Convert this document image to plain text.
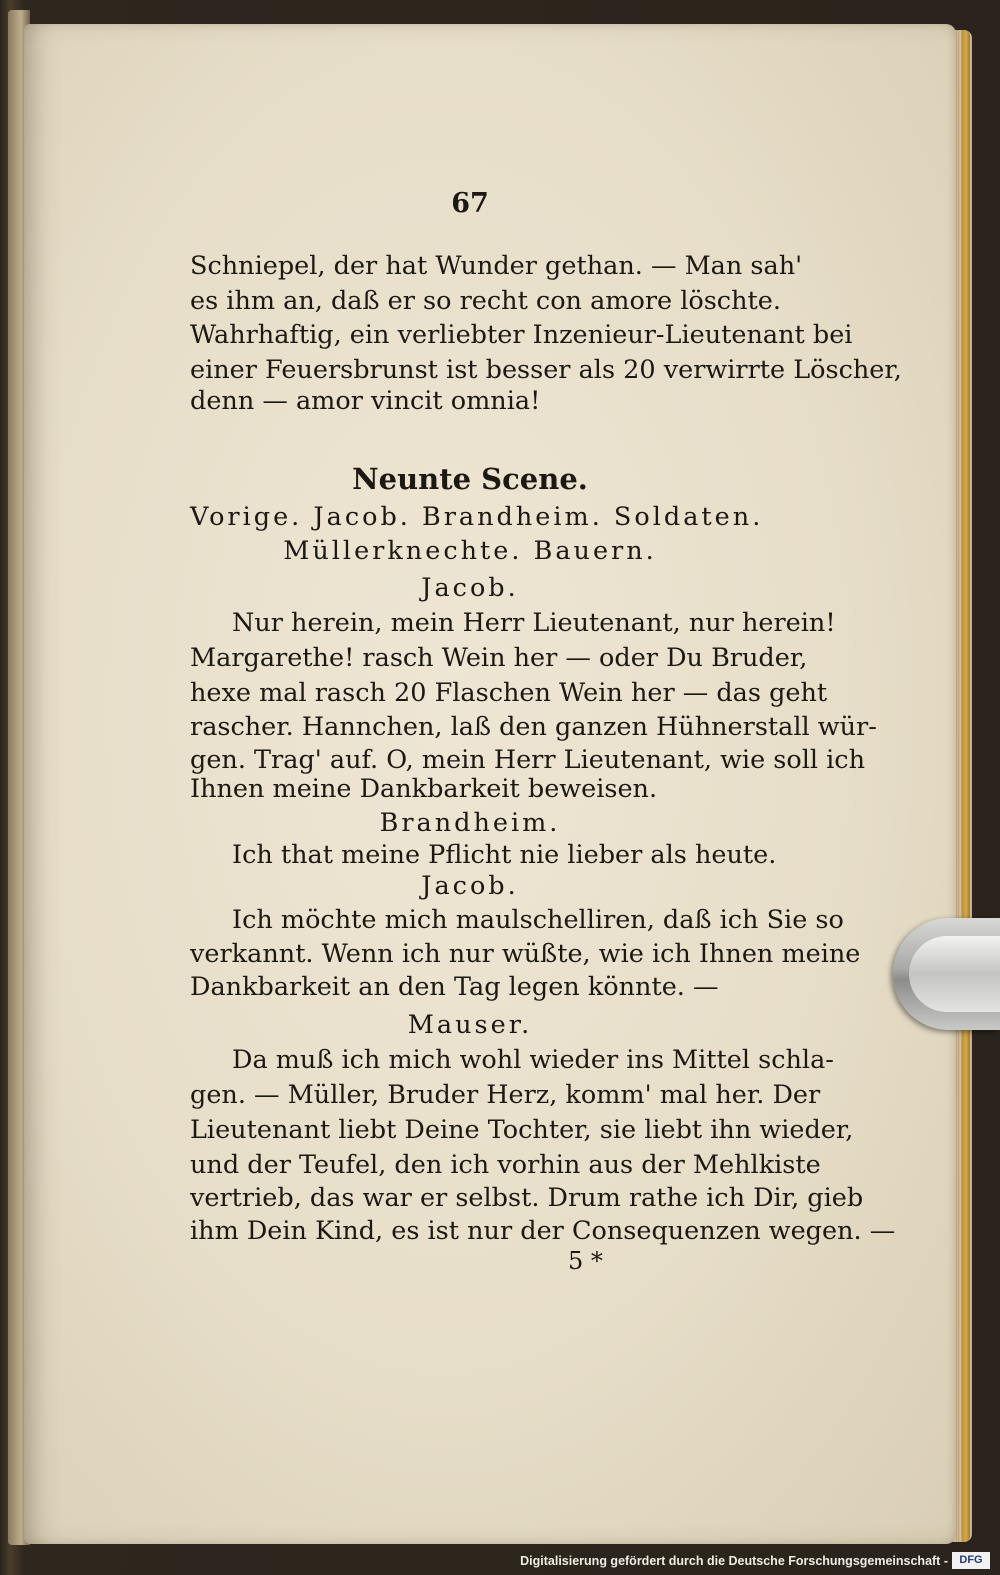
67
Schniepel, der hat Wunder gethan. — Man sah'
es ihm an, daß er so recht con amore löschte.
Wahrhaftig, ein verliebter Inzenieur-Lieutenant bei
einer Feuersbrunst ist besser als 20 verwirrte Löscher,
denn — amor vincit omnia!
Neunte Scene.
Vorige. Jacob. Brandheim. Soldaten.
Müllerknechte. Bauern.
Jacob.
Nur herein, mein Herr Lieutenant, nur herein!
Margarethe! rasch Wein her — oder Du Bruder,
hexe mal rasch 20 Flaschen Wein her — das geht
rascher. Hannchen, laß den ganzen Hühnerstall wür-
gen. Trag' auf. O, mein Herr Lieutenant, wie soll ich
Ihnen meine Dankbarkeit beweisen.
Brandheim.
Ich that meine Pflicht nie lieber als heute.
Jacob.
Ich möchte mich maulschelliren, daß ich Sie so
verkannt. Wenn ich nur wüßte, wie ich Ihnen meine
Dankbarkeit an den Tag legen könnte. —
Mauser.
Da muß ich mich wohl wieder ins Mittel schla-
gen. — Müller, Bruder Herz, komm' mal her. Der
Lieutenant liebt Deine Tochter, sie liebt ihn wieder,
und der Teufel, den ich vorhin aus der Mehlkiste
vertrieb, das war er selbst. Drum rathe ich Dir, gieb
ihm Dein Kind, es ist nur der Consequenzen wegen. —
5 *
Digitalisierung gefördert durch die Deutsche Forschungsgemeinschaft -	DFG
